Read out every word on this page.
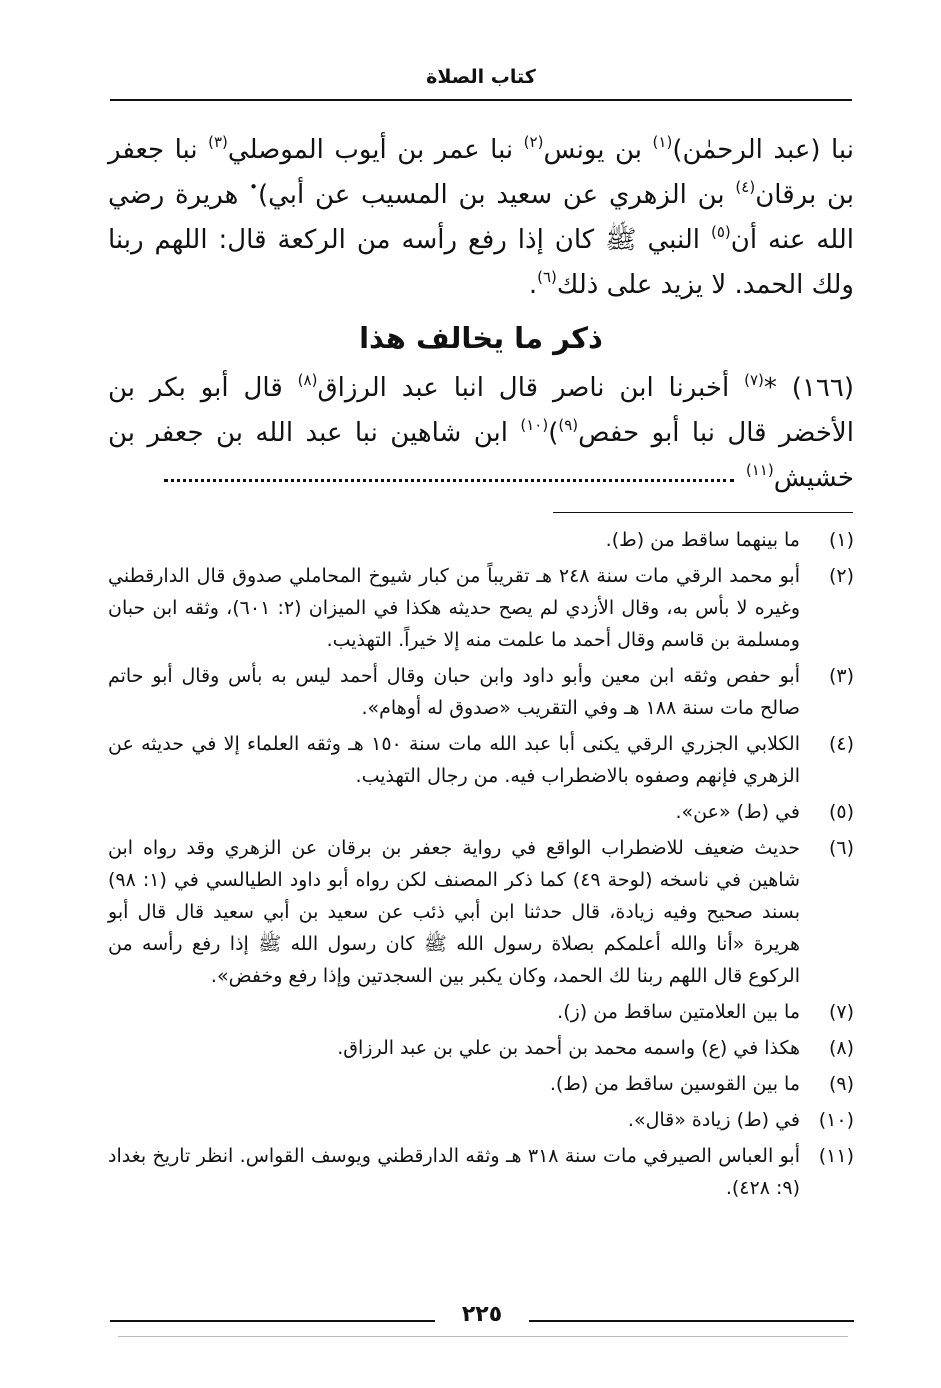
كتاب الصلاة

نبا (عبد الرحمٰن)$^{(١)}$ بن يونس$^{(٢)}$ نبا عمر بن أيوب الموصلي$^{(٣)}$ نبا جعفر بن برقان$^{(٤)}$ بن الزهري عن سعيد بن المسيب عن أبي)• هريرة رضي الله عنه أن$^{(٥)}$ النبي ﷺ كان إذا رفع رأسه من الركعة قال: اللهم ربنا ولك الحمد. لا يزيد على ذلك$^{(٦)}$.

ذكر ما يخالف هذا

(١٦٦) *$^{(٧)}$ أخبرنا ابن ناصر قال انبا عبد الرزاق$^{(٨)}$ قال أبو بكر بن الأخضر قال نبا أبو حفص$^{(٩)}$)$^{(١٠)}$ ابن شاهين نبا عبد الله بن جعفر بن خشيش$^{(١١)}$

(١)
ما بينهما ساقط من (ط).
(٢)
أبو محمد الرقي مات سنة ٢٤٨ هـ تقريباً من كبار شيوخ المحاملي صدوق قال الدارقطني وغيره لا بأس به، وقال الأزدي لم يصح حديثه هكذا في الميزان (٢: ٦٠١)، وثقه ابن حبان ومسلمة بن قاسم وقال أحمد ما علمت منه إلا خيراً. التهذيب.
(٣)
أبو حفص وثقه ابن معين وأبو داود وابن حبان وقال أحمد ليس به بأس وقال أبو حاتم صالح مات سنة ١٨٨ هـ وفي التقريب «صدوق له أوهام».
(٤)
الكلابي الجزري الرقي يكنى أبا عبد الله مات سنة ١٥٠ هـ وثقه العلماء إلا في حديثه عن الزهري فإنهم وصفوه بالاضطراب فيه. من رجال التهذيب.
(٥)
في (ط) «عن».
(٦)
حديث ضعيف للاضطراب الواقع في رواية جعفر بن برقان عن الزهري وقد رواه ابن شاهين في ناسخه (لوحة ٤٩) كما ذكر المصنف لكن رواه أبو داود الطيالسي في (١: ٩٨) بسند صحيح وفيه زيادة، قال حدثنا ابن أبي ذئب عن سعيد بن أبي سعيد قال قال أبو هريرة «أنا والله أعلمكم بصلاة رسول الله ﷺ كان رسول الله ﷺ إذا رفع رأسه من الركوع قال اللهم ربنا لك الحمد، وكان يكبر بين السجدتين وإذا رفع وخفض».
(٧)
ما بين العلامتين ساقط من (ز).
(٨)
هكذا في (ع) واسمه محمد بن أحمد بن علي بن عبد الرزاق.
(٩)
ما بين القوسين ساقط من (ط).
(١٠)
في (ط) زيادة «قال».
(١١)
أبو العباس الصيرفي مات سنة ٣١٨ هـ وثقه الدارقطني ويوسف القواس. انظر تاريخ بغداد (٩: ٤٢٨).
٢٢٥
